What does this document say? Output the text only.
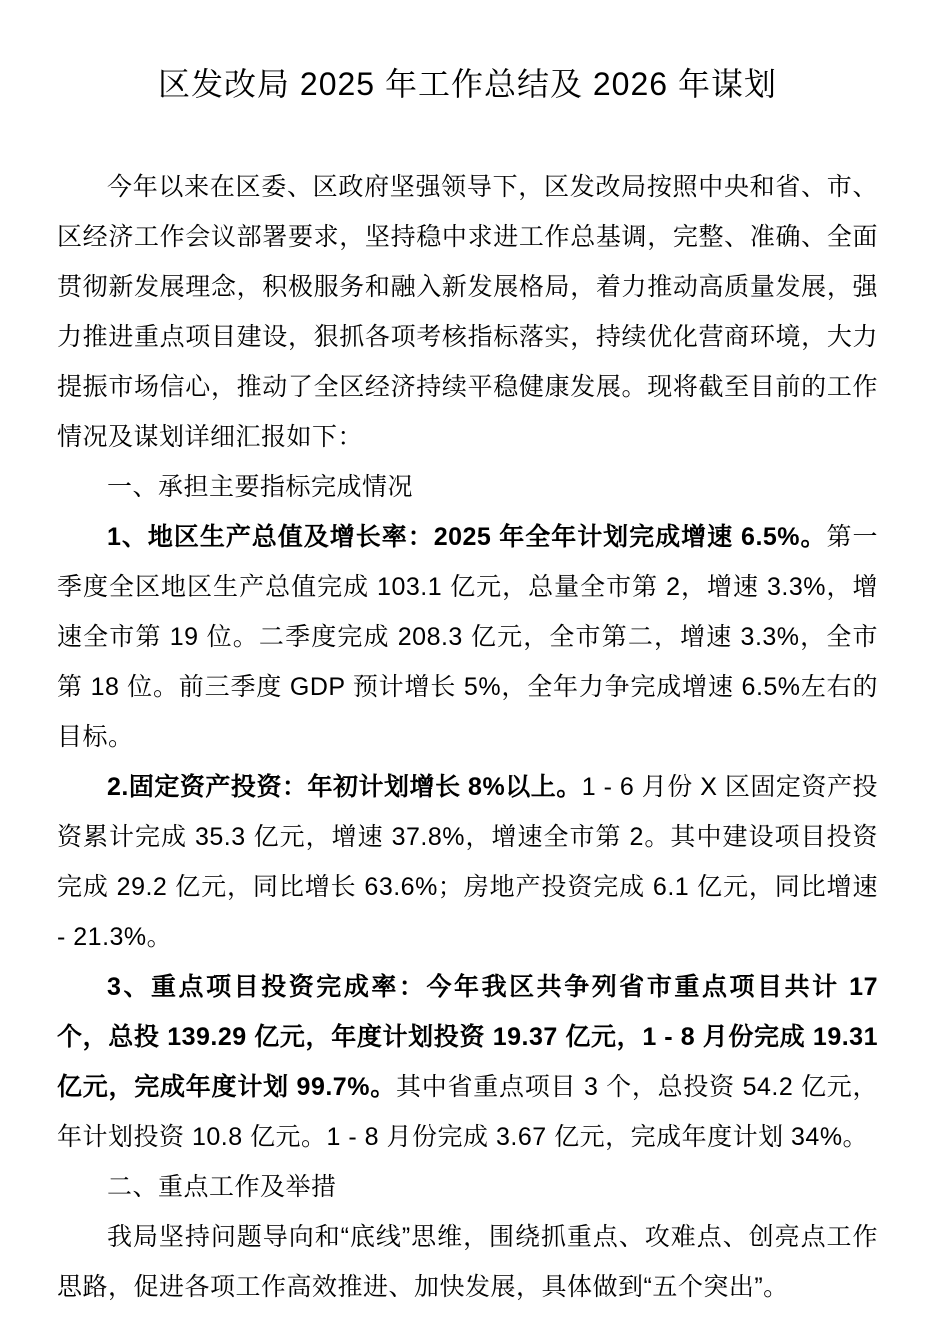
区发改局 2025 年工作总结及 2026 年谋划

今年以来在区委、区政府坚强领导下，区发改局按照中央和省、市、区经济工作会议部署要求，坚持稳中求进工作总基调，完整、准确、全面贯彻新发展理念，积极服务和融入新发展格局，着力推动高质量发展，强力推进重点项目建设，狠抓各项考核指标落实，持续优化营商环境，大力提振市场信心，推动了全区经济持续平稳健康发展。现将截至目前的工作情况及谋划详细汇报如下：

一、承担主要指标完成情况

1、地区生产总值及增长率：2025 年全年计划完成增速 6.5%。第一季度全区地区生产总值完成 103.1 亿元，总量全市第 2，增速 3.3%，增速全市第 19 位。二季度完成 208.3 亿元，全市第二，增速 3.3%，全市第 18 位。前三季度 GDP 预计增长 5%，全年力争完成增速 6.5%左右的目标。

2.固定资产投资：年初计划增长 8%以上。1 - 6 月份 X 区固定资产投资累计完成 35.3 亿元，增速 37.8%，增速全市第 2。其中建设项目投资完成 29.2 亿元，同比增长 63.6%；房地产投资完成 6.1 亿元，同比增速 - 21.3%。

3、重点项目投资完成率：今年我区共争列省市重点项目共计 17 个，总投 139.29 亿元，年度计划投资 19.37 亿元，1 - 8 月份完成 19.31 亿元，完成年度计划 99.7%。其中省重点项目 3 个，总投资 54.2 亿元，年计划投资 10.8 亿元。1 - 8 月份完成 3.67 亿元，完成年度计划 34%。

二、重点工作及举措

我局坚持问题导向和“底线”思维，围绕抓重点、攻难点、创亮点工作思路，促进各项工作高效推进、加快发展，具体做到“五个突出”。
